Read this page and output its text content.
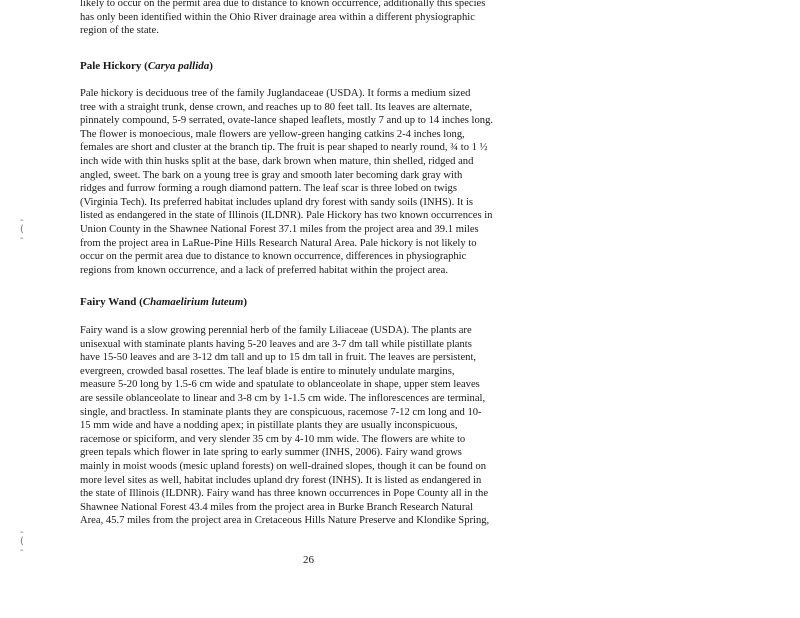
likely to occur on the permit area due to distance to known occurrence, additionally this species
has only been identified within the Ohio River drainage area within a different physiographic
region of the state.
Pale Hickory (Carya pallida)
Pale hickory is deciduous tree of the family Juglandaceae (USDA). It forms a medium sized
tree with a straight trunk, dense crown, and reaches up to 80 feet tall. Its leaves are alternate,
pinnately compound, 5-9 serrated, ovate-lance shaped leaflets, mostly 7 and up to 14 inches long.
The flower is monoecious, male flowers are yellow-green hanging catkins 2-4 inches long,
females are short and cluster at the branch tip. The fruit is pear shaped to nearly round, ¾ to 1 ½
inch wide with thin husks split at the base, dark brown when mature, thin shelled, ridged and
angled, sweet. The bark on a young tree is gray and smooth later becoming dark gray with
ridges and furrow forming a rough diamond pattern. The leaf scar is three lobed on twigs
(Virginia Tech). Its preferred habitat includes upland dry forest with sandy soils (INHS). It is
listed as endangered in the state of Illinois (ILDNR). Pale Hickory has two known occurrences in
Union County in the Shawnee National Forest 37.1 miles from the project area and 39.1 miles
from the project area in LaRue-Pine Hills Research Natural Area. Pale hickory is not likely to
occur on the permit area due to distance to known occurrence, differences in physiographic
regions from known occurrence, and a lack of preferred habitat within the project area.
Fairy Wand (Chamaelirium luteum)
Fairy wand is a slow growing perennial herb of the family Liliaceae (USDA). The plants are
unisexual with staminate plants having 5-20 leaves and are 3-7 dm tall while pistillate plants
have 15-50 leaves and are 3-12 dm tall and up to 15 dm tall in fruit. The leaves are persistent,
evergreen, crowded basal rosettes. The leaf blade is entire to minutely undulate margins,
measure 5-20 long by 1.5-6 cm wide and spatulate to oblanceolate in shape, upper stem leaves
are sessile oblanceolate to linear and 3-8 cm by 1-1.5 cm wide. The inflorescences are terminal,
single, and bractless. In staminate plants they are conspicuous, racemose 7-12 cm long and 10-
15 mm wide and have a nodding apex; in pistillate plants they are usually inconspicuous,
racemose or spiciform, and very slender 35 cm by 4-10 mm wide. The flowers are white to
green tepals which flower in late spring to early summer (INHS, 2006). Fairy wand grows
mainly in moist woods (mesic upland forests) on well-drained slopes, though it can be found on
more level sites as well, habitat includes upland dry forest (INHS). It is listed as endangered in
the state of Illinois (ILDNR). Fairy wand has three known occurrences in Pope County all in the
Shawnee National Forest 43.4 miles from the project area in Burke Branch Research Natural
Area, 45.7 miles from the project area in Cretaceous Hills Nature Preserve and Klondike Spring,
26
-
(
-
-
(
-
